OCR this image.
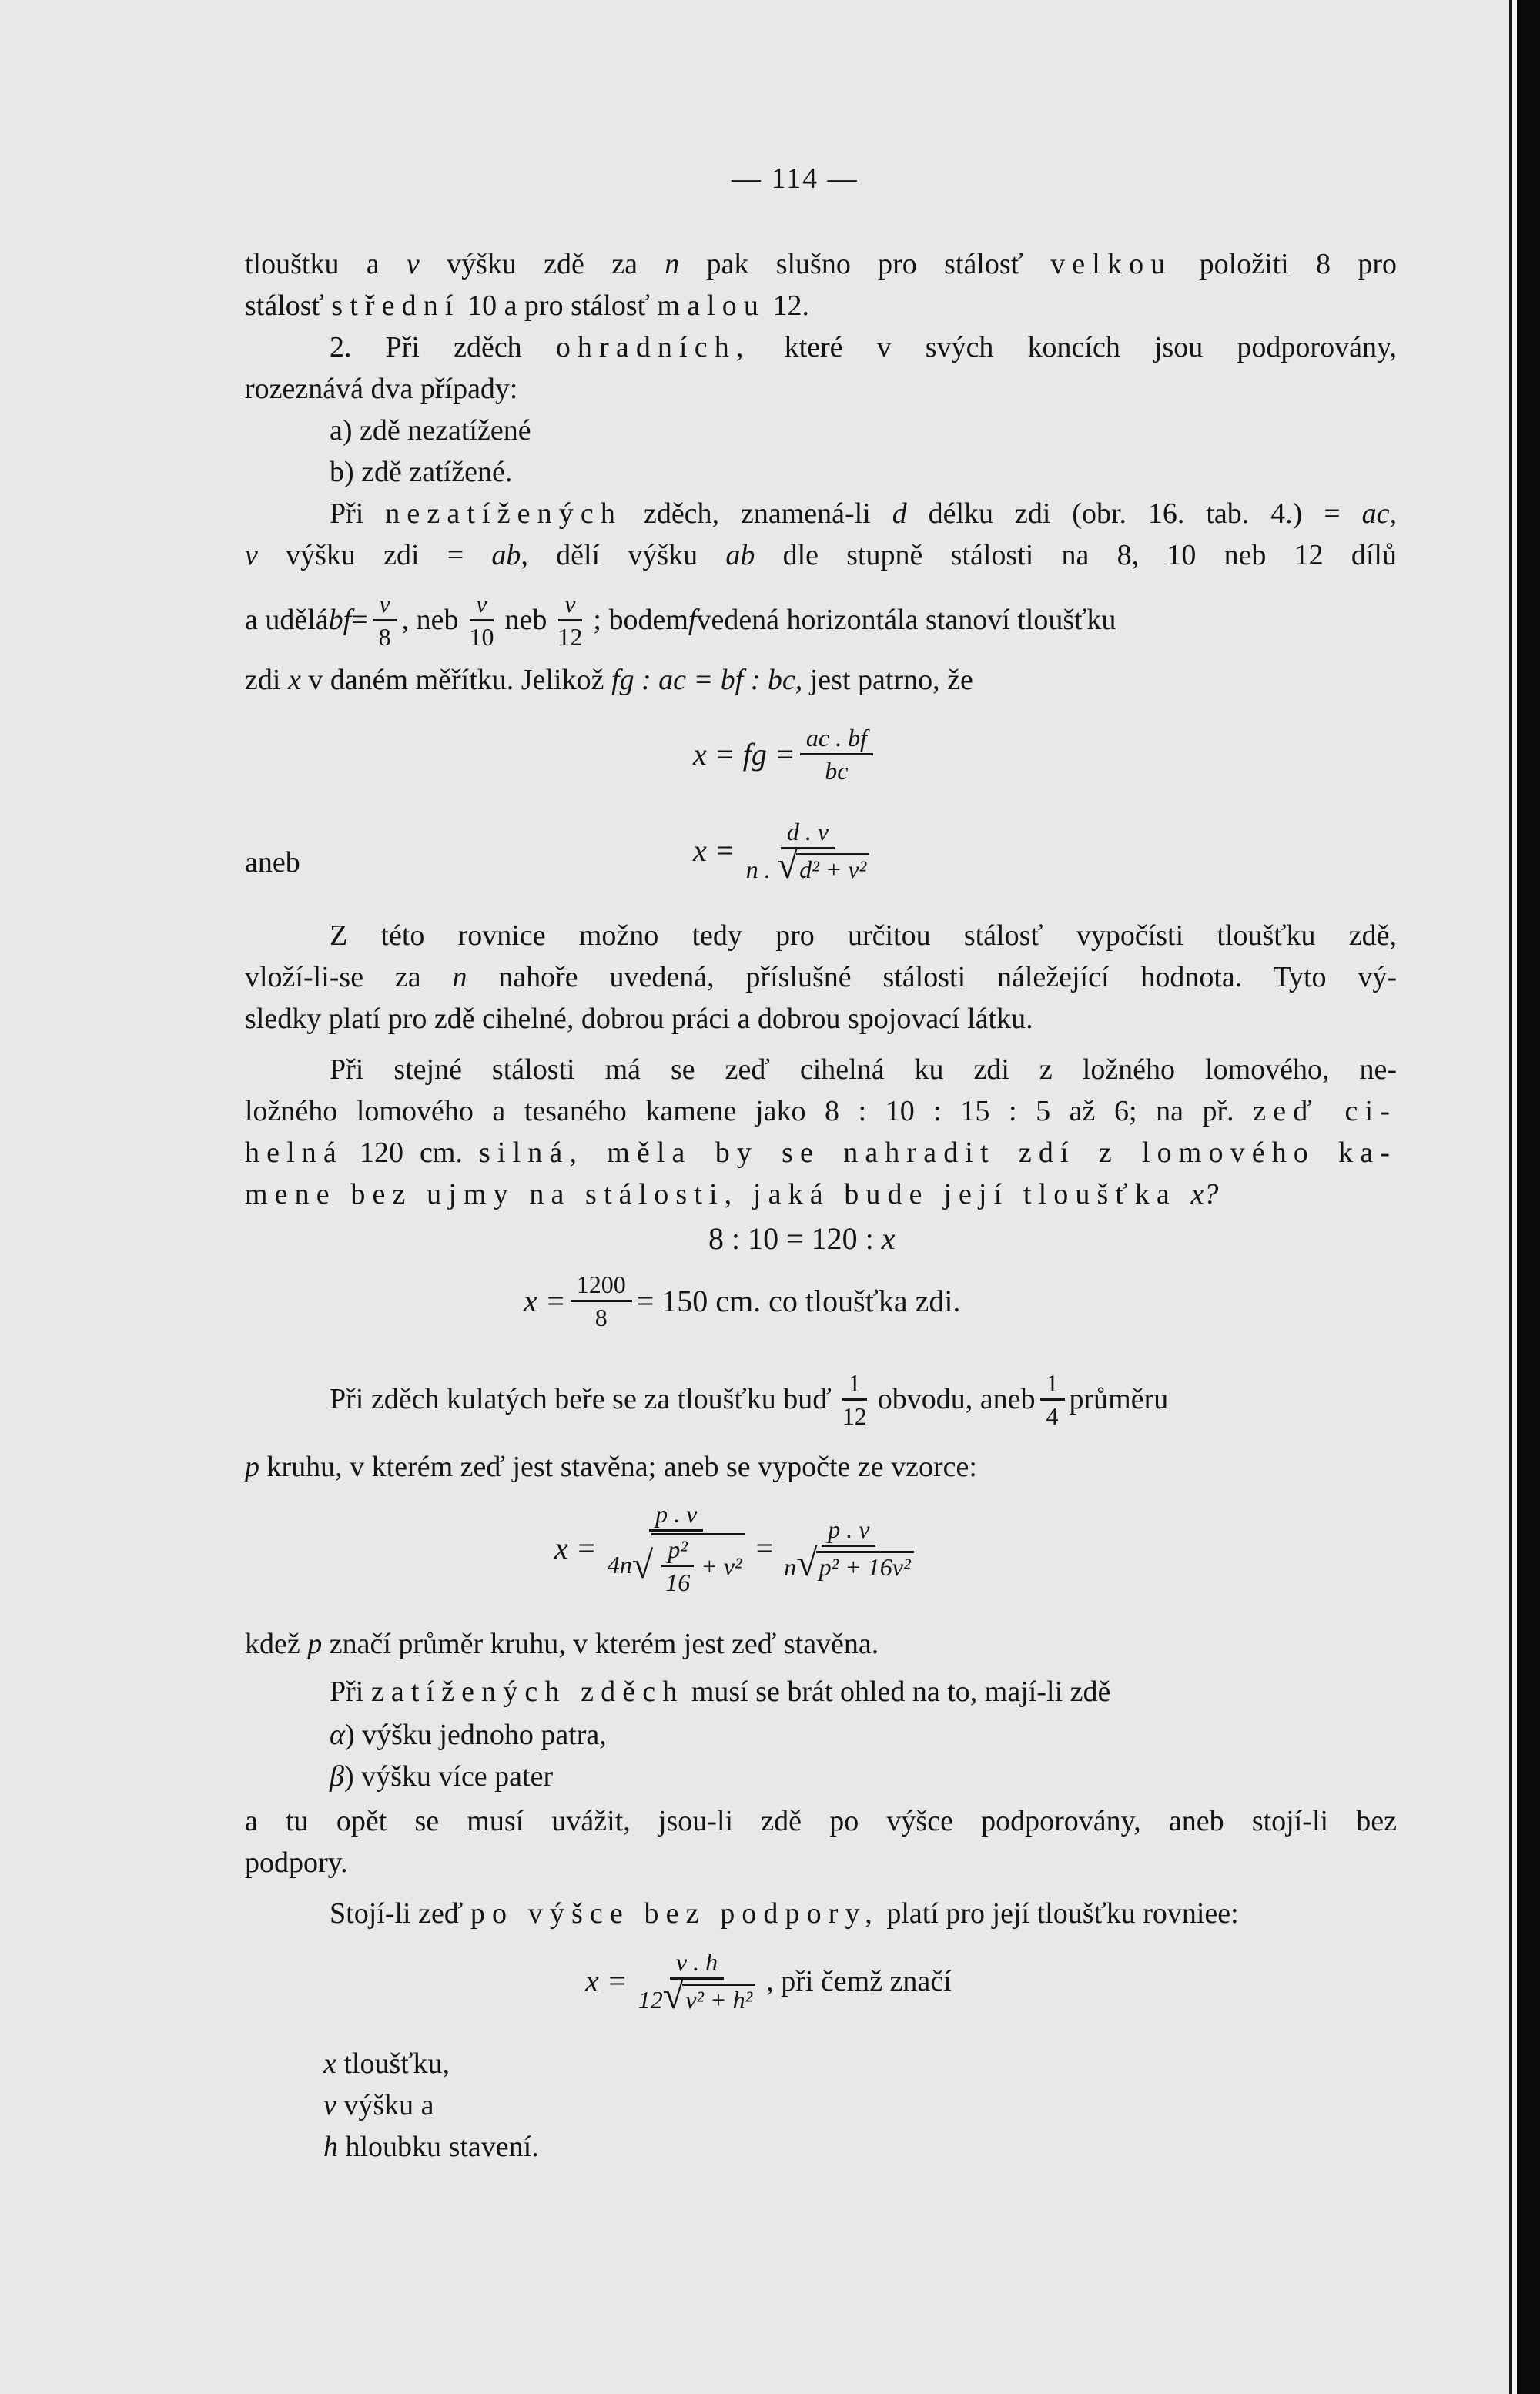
— 114 —
tlouštku a v výšku zdě za n pak slušno pro stálosť velkou položiti 8 pro
stálosť střední 10 a pro stálosť malou 12.
2. Při zděch ohradních, které v svých koncích jsou podporovány,
rozeznává dva případy:
a) zdě nezatížené
b) zdě zatížené.
Při nezatížených zděch, znamená-li d délku zdi (obr. 16. tab. 4.) = ac,
v výšku zdi = ab, dělí výšku ab dle stupně stálosti na 8, 10 neb 12 dílů
a udělá bf = $\frac{v}{8}$ , neb $\frac{v}{10}$ neb $\frac{v}{12}$ ; bodem f vedená horizontála stanoví tloušťku
zdi x v daném měřítku. Jelikož fg : ac = bf : bc, jest patrno, že
x = fg = $\frac{ac . bf}{bc}$
aneb	$x = \frac{d . v}{\text{n . √d² + v²}}$
Z této rovnice možno tedy pro určitou stálosť vypočísti tloušťku zdě,
vloží-li-se za n nahoře uvedená, příslušné stálosti náležející hodnota. Tyto vý-
sledky platí pro zdě cihelné, dobrou práci a dobrou spojovací látku.
Při stejné stálosti má se zeď cihelná ku zdi z ložného lomového, ne-
ložného lomového a tesaného kamene jako 8 : 10 : 15 : 5 až 6; na př. zeď ci-
helná 120 cm. silná, měla by se nahradit zdí z lomového ka-
mene bez ujmy na stálosti, jaká bude její tloušťka x?
8 : 10 = 120 : x
$x = \frac{1200}{8} = 150$ cm. co tloušťka zdi.
Při zděch kulatých beře se za tloušťku buď $\frac{1}{12}$ obvodu, aneb $\frac{1}{4}$ průměru
p kruhu, v kterém zeď jest stavěna; aneb se vypočte ze vzorce:
$x = \frac{p . v}{4n √ \frac{\text{p²}}{16} + v^2} = \frac{p . v}{\text{n√p² + 16v²}}$
kdež p značí průměr kruhu, v kterém jest zeď stavěna.
Při zatížených zděch musí se brát ohled na to, mají-li zdě
α) výšku jednoho patra,
β) výšku více pater
a tu opět se musí uvážit, jsou-li zdě po výšce podporovány, aneb stojí-li bez
podpory.
Stojí-li zeď po výšce bez podpory, platí pro její tloušťku rovniee:
$x = \frac{v . h}{\text{12√v² + h²}}$ , při čemž značí
x tloušťku,
v výšku a
h hloubku stavení.
